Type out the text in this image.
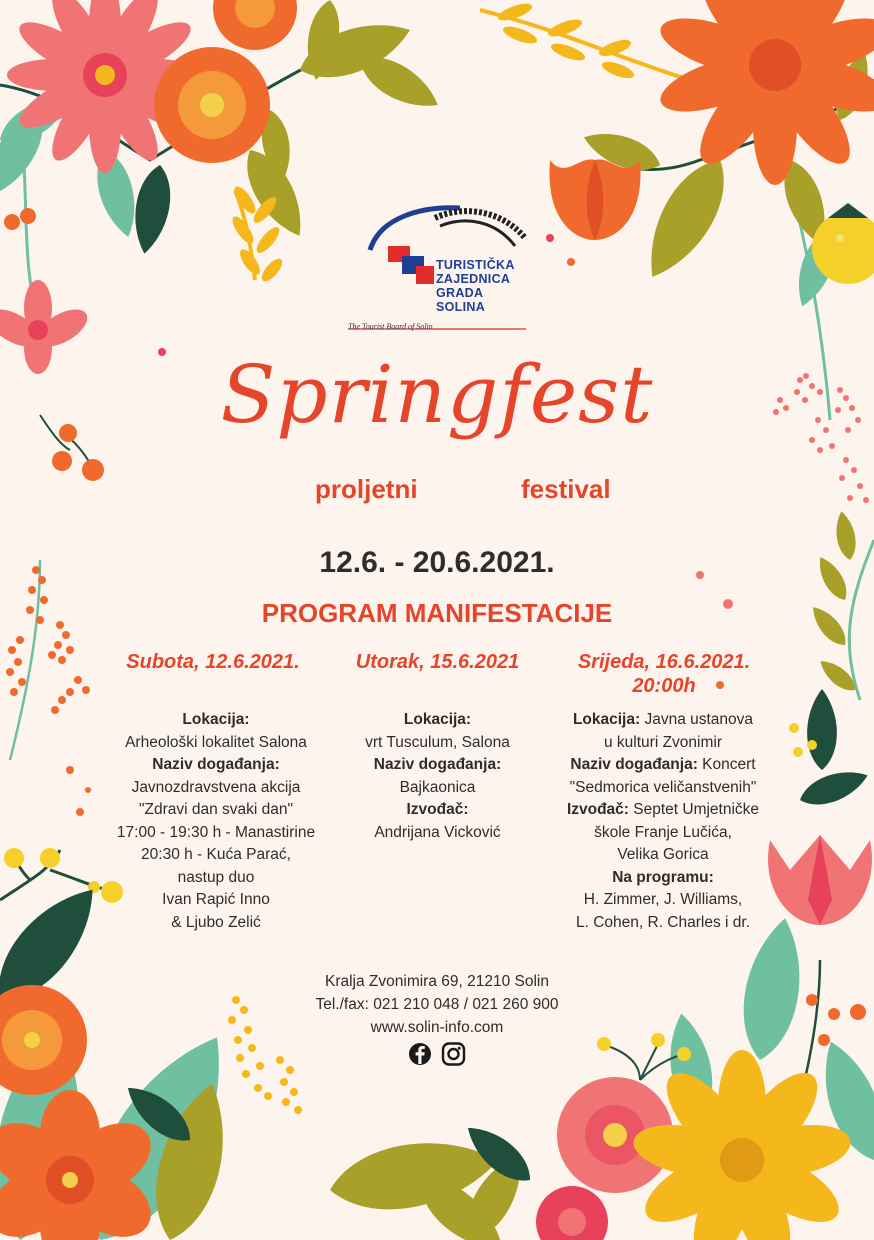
TURISTIČKA
ZAJEDNICA
GRADA
SOLINA
The Tourist Board of Solin
Springfest
proljetni	festival
12.6. - 20.6.2021.
PROGRAM MANIFESTACIJE
Subota, 12.6.2021.	Utorak, 15.6.2021	Srijeda, 16.6.2021.
20:00h
Lokacija:
Arheološki lokalitet Salona
Naziv događanja:
Javnozdravstvena akcija
"Zdravi dan svaki dan"
17:00 - 19:30 h - Manastirine
20:30 h - Kuća Parać,
nastup duo
Ivan Rapić Inno
& Ljubo Zelić
Lokacija:
vrt Tusculum, Salona
Naziv događanja:
Bajkaonica
Izvođač:
Andrijana Vicković
Lokacija: Javna ustanova
u kulturi Zvonimir
Naziv događanja: Koncert
"Sedmorica veličanstvenih"
Izvođač: Septet Umjetničke
škole Franje Lučića,
Velika Gorica
Na programu:
H. Zimmer, J. Williams,
L. Cohen, R. Charles i dr.
Kralja Zvonimira 69, 21210 Solin
Tel./fax: 021 210 048 / 021 260 900
www.solin-info.com
